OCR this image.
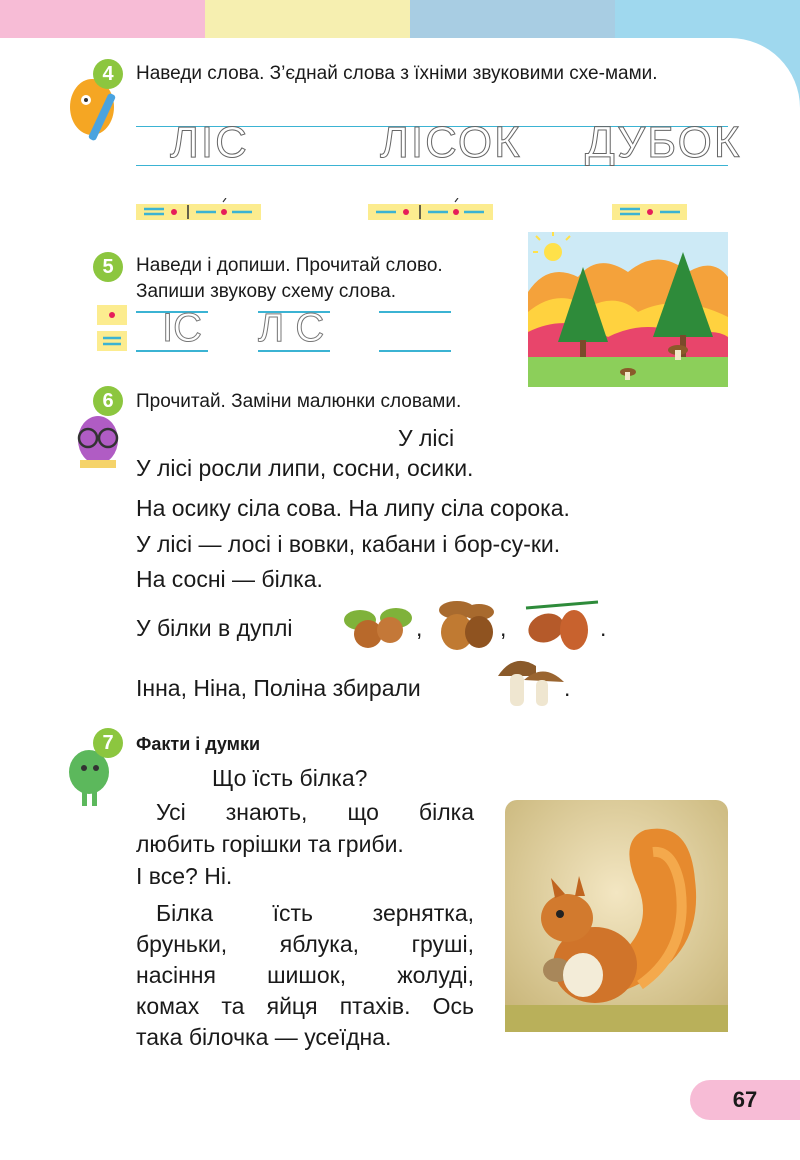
4	Наведи слова. З’єднай слова з їхніми звуковими схе-мами.
ЛІС	ЛІСОК ДУБОК
5	Наведи і допиши. Прочитай слово.
Запиши звукову схему слова.
ІС Л С
6	Прочитай. Заміни малюнки словами.
У лісі
У лісі росли липи, сосни, осики.
На осику сіла сова. На липу сіла сорока.
У лісі — лосі і вовки, кабани і бор-су-ки.
На сосні — білка.
У білки в дуплі	,	,	.
Інна, Ніна, Поліна збирали	.
7	Факти і думки
Що їсть білка?
Усі знають, що білка
любить горішки та гриби.
І все? Ні.
Білка їсть зернятка,
бруньки, яблука, груші,
насіння шишок, жолуді,
комах та яйця птахів. Ось
така білочка — усеїдна.
67
